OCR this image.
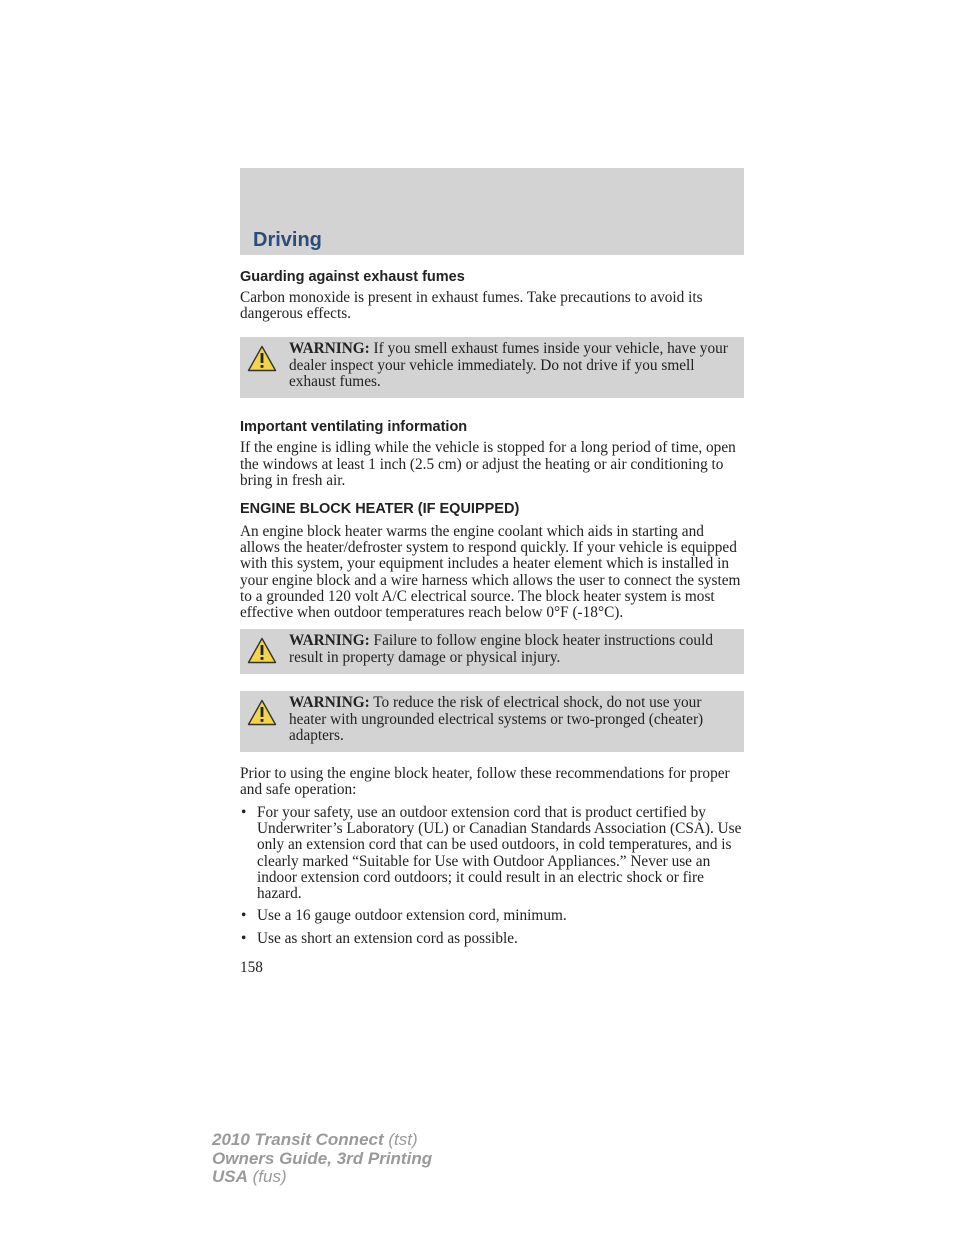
Driving
Guarding against exhaust fumes

Carbon monoxide is present in exhaust fumes. Take precautions to avoid its dangerous effects.

WARNING: If you smell exhaust fumes inside your vehicle, have your dealer inspect your vehicle immediately. Do not drive if you smell exhaust fumes.

Important ventilating information

If the engine is idling while the vehicle is stopped for a long period of time, open the windows at least 1 inch (2.5 cm) or adjust the heating or air conditioning to bring in fresh air.

ENGINE BLOCK HEATER (IF EQUIPPED)

An engine block heater warms the engine coolant which aids in starting and allows the heater/defroster system to respond quickly. If your vehicle is equipped with this system, your equipment includes a heater element which is installed in your engine block and a wire harness which allows the user to connect the system to a grounded 120 volt A/C electrical source. The block heater system is most effective when outdoor temperatures reach below 0°F (-18°C).

WARNING: Failure to follow engine block heater instructions could result in property damage or physical injury.

WARNING: To reduce the risk of electrical shock, do not use your heater with ungrounded electrical systems or two-pronged (cheater) adapters.

Prior to using the engine block heater, follow these recommendations for proper and safe operation:

• For your safety, use an outdoor extension cord that is product certified by Underwriter’s Laboratory (UL) or Canadian Standards Association (CSA). Use only an extension cord that can be used outdoors, in cold temperatures, and is clearly marked “Suitable for Use with Outdoor Appliances.” Never use an indoor extension cord outdoors; it could result in an electric shock or fire hazard.
• Use a 16 gauge outdoor extension cord, minimum.
• Use as short an extension cord as possible.

158

2010 Transit Connect (tst)
Owners Guide, 3rd Printing
USA (fus)
